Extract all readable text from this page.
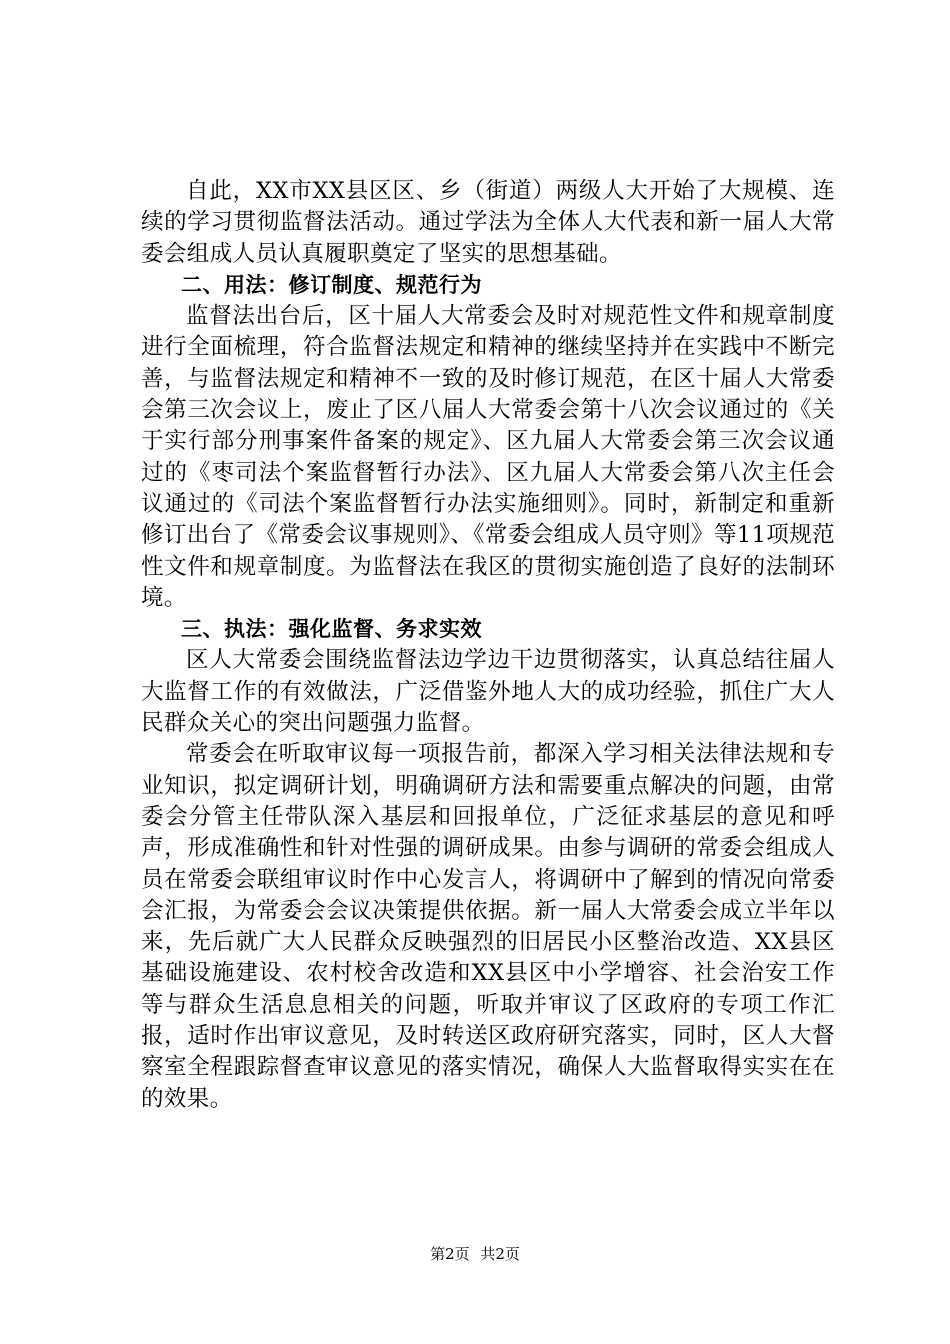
自此，XX市XX县区区、乡（街道）两级人大开始了大规模、连续的学习贯彻监督法活动。通过学法为全体人大代表和新一届人大常委会组成人员认真履职奠定了坚实的思想基础。

二、用法：修订制度、规范行为

监督法出台后，区十届人大常委会及时对规范性文件和规章制度进行全面梳理，符合监督法规定和精神的继续坚持并在实践中不断完善，与监督法规定和精神不一致的及时修订规范，在区十届人大常委会第三次会议上，废止了区八届人大常委会第十八次会议通过的《关于实行部分刑事案件备案的规定》、区九届人大常委会第三次会议通过的《枣司法个案监督暂行办法》、区九届人大常委会第八次主任会议通过的《司法个案监督暂行办法实施细则》。同时，新制定和重新修订出台了《常委会议事规则》、《常委会组成人员守则》等11项规范性文件和规章制度。为监督法在我区的贯彻实施创造了良好的法制环境。

三、执法：强化监督、务求实效

区人大常委会围绕监督法边学边干边贯彻落实，认真总结往届人大监督工作的有效做法，广泛借鉴外地人大的成功经验，抓住广大人民群众关心的突出问题强力监督。

常委会在听取审议每一项报告前，都深入学习相关法律法规和专业知识，拟定调研计划，明确调研方法和需要重点解决的问题，由常委会分管主任带队深入基层和回报单位，广泛征求基层的意见和呼声，形成准确性和针对性强的调研成果。由参与调研的常委会组成人员在常委会联组审议时作中心发言人，将调研中了解到的情况向常委会汇报，为常委会会议决策提供依据。新一届人大常委会成立半年以来，先后就广大人民群众反映强烈的旧居民小区整治改造、XX县区基础设施建设、农村校舍改造和XX县区中小学增容、社会治安工作等与群众生活息息相关的问题，听取并审议了区政府的专项工作汇报，适时作出审议意见，及时转送区政府研究落实，同时，区人大督察室全程跟踪督查审议意见的落实情况，确保人大监督取得实实在在的效果。

第2页 共2页
